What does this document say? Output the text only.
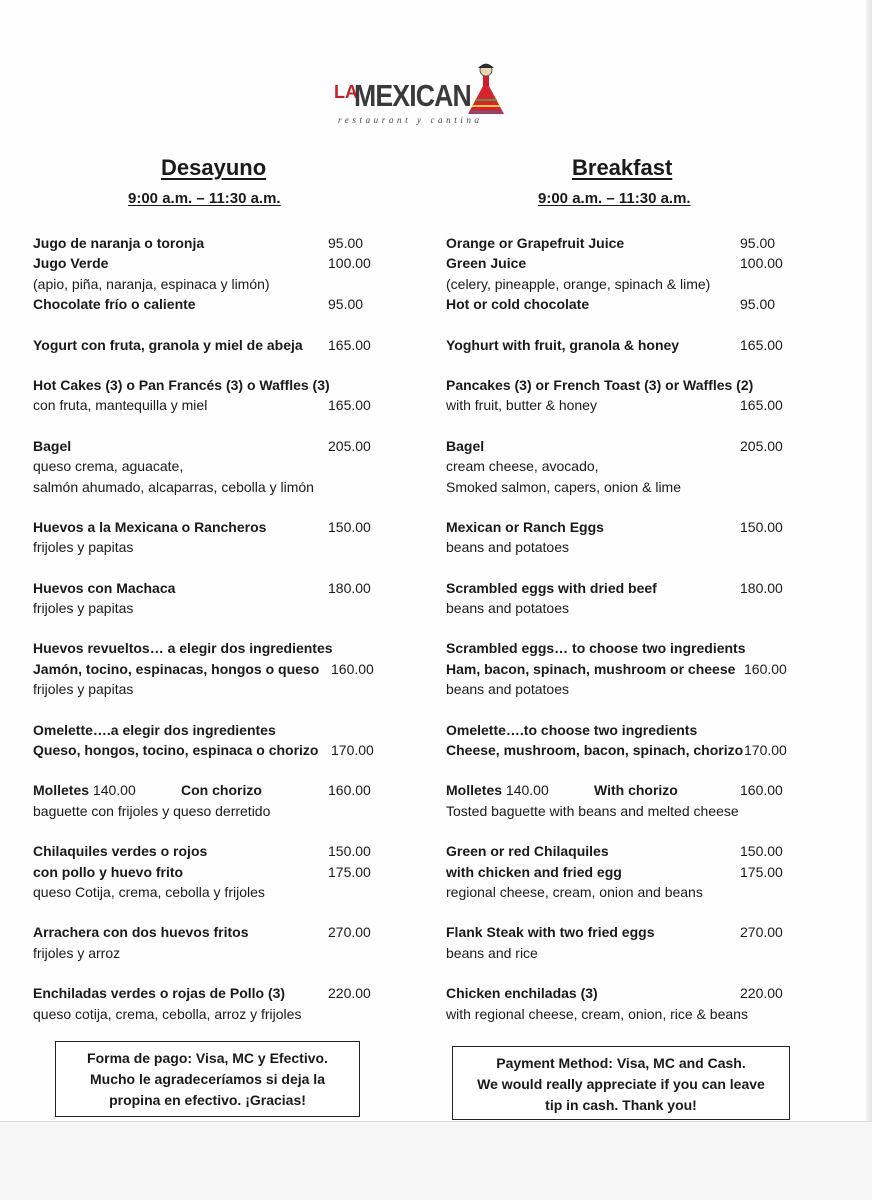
LA
MEXICAN
restaurant y cantina
Desayuno
9:00 a.m. – 11:30 a.m.
Jugo de naranja o toronja	95.00
Jugo Verde	100.00
(apio, piña, naranja, espinaca y limón)
Chocolate frío o caliente	95.00
Yogurt con fruta, granola y miel de abeja 165.00
Hot Cakes (3) o Pan Francés (3) o Waffles (3)
con fruta, mantequilla y miel	165.00
Bagel	205.00
queso crema, aguacate,
salmón ahumado, alcaparras, cebolla y limón
Huevos a la Mexicana o Rancheros	150.00
frijoles y papitas
Huevos con Machaca	180.00
frijoles y papitas
Huevos revueltos… a elegir dos ingredientes
Jamón, tocino, espinacas, hongos o queso 160.00
frijoles y papitas
Omelette….a elegir dos ingredientes
Queso, hongos, tocino, espinaca o chorizo 170.00
Molletes 140.00	Con chorizo	160.00
baguette con frijoles y queso derretido
Chilaquiles verdes o rojos	150.00
con pollo y huevo frito	175.00
queso Cotija, crema, cebolla y frijoles
Arrachera con dos huevos fritos	270.00
frijoles y arroz
Enchiladas verdes o rojas de Pollo (3)	220.00
queso cotija, crema, cebolla, arroz y frijoles
Breakfast
9:00 a.m. – 11:30 a.m.
Orange or Grapefruit Juice	95.00
Green Juice	100.00
(celery, pineapple, orange, spinach & lime)
Hot or cold chocolate	95.00
Yoghurt with fruit, granola & honey	165.00
Pancakes (3) or French Toast (3) or Waffles (2)
with fruit, butter & honey	165.00
Bagel	205.00
cream cheese, avocado,
Smoked salmon, capers, onion & lime
Mexican or Ranch Eggs	150.00
beans and potatoes
Scrambled eggs with dried beef	180.00
beans and potatoes
Scrambled eggs… to choose two ingredients
Ham, bacon, spinach, mushroom or cheese 160.00
beans and potatoes
Omelette….to choose two ingredients
Cheese, mushroom, bacon, spinach, chorizo 170.00
Molletes 140.00	With chorizo	160.00
Tosted baguette with beans and melted cheese
Green or red Chilaquiles	150.00
with chicken and fried egg	175.00
regional cheese, cream, onion and beans
Flank Steak with two fried eggs	270.00
beans and rice
Chicken enchiladas (3)	220.00
with regional cheese, cream, onion, rice & beans
Forma de pago: Visa, MC y Efectivo.
Mucho le agradeceríamos si deja la
propina en efectivo. ¡Gracias!
Payment Method: Visa, MC and Cash.
We would really appreciate if you can leave
tip in cash. Thank you!
